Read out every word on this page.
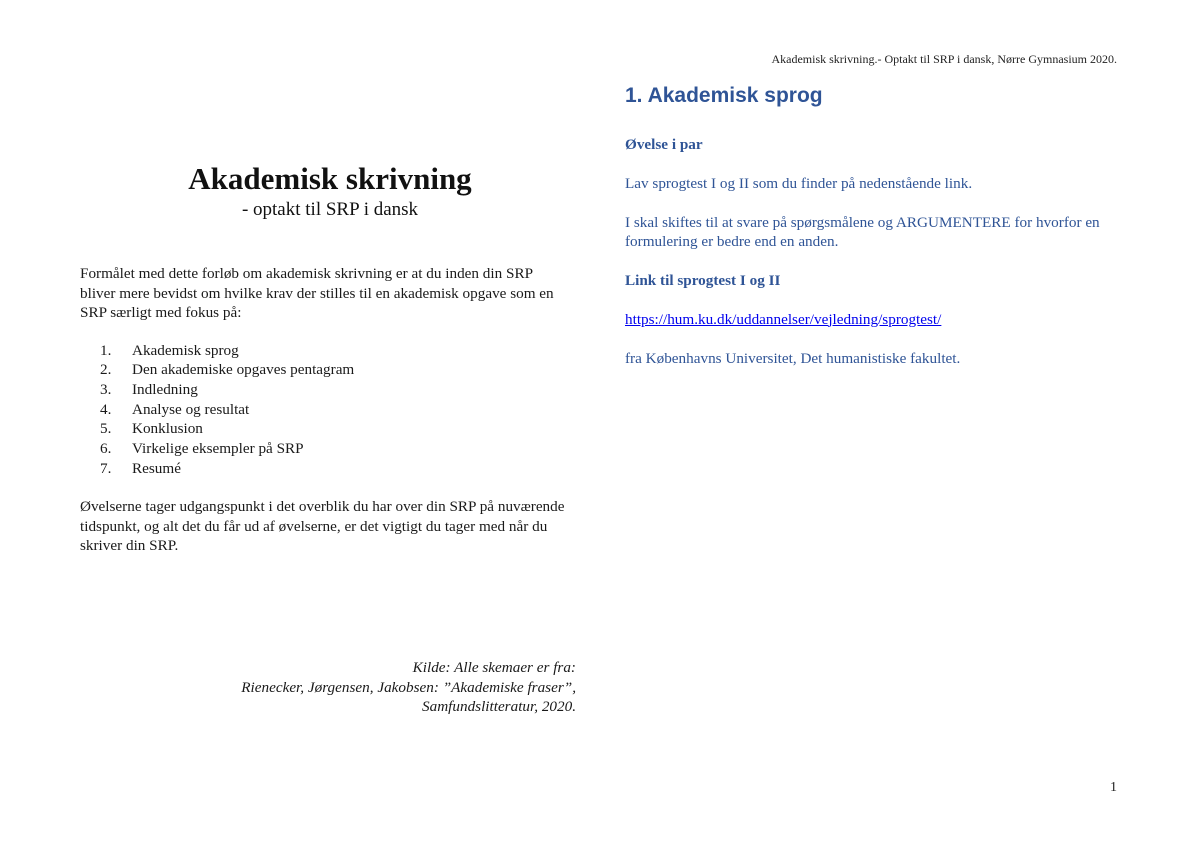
Akademisk skrivning.- Optakt til SRP i dansk, Nørre Gymnasium 2020.
Akademisk skrivning

- optakt til SRP i dansk

Formålet med dette forløb om akademisk skrivning er at du inden din SRP bliver mere bevidst om hvilke krav der stilles til en akademisk opgave som en SRP særligt med fokus på:
1.	Akademisk sprog
2.	Den akademiske opgaves pentagram
3.	Indledning
4.	Analyse og resultat
5.	Konklusion
6.	Virkelige eksempler på SRP
7.	Resumé
Øvelserne tager udgangspunkt i det overblik du har over din SRP på nuværende tidspunkt, og alt det du får ud af øvelserne, er det vigtigt du tager med når du skriver din SRP.
Kilde: Alle skemaer er fra:
Rienecker, Jørgensen, Jakobsen: ”Akademiske fraser”,
Samfundslitteratur, 2020.
1. Akademisk sprog
Øvelse i par

Lav sprogtest I og II som du finder på nedenstående link.

I skal skiftes til at svare på spørgsmålene og ARGUMENTERE for hvorfor en formulering er bedre end en anden.

Link til sprogtest I og II
https://hum.ku.dk/uddannelser/vejledning/sprogtest/

fra Københavns Universitet, Det humanistiske fakultet.

1
